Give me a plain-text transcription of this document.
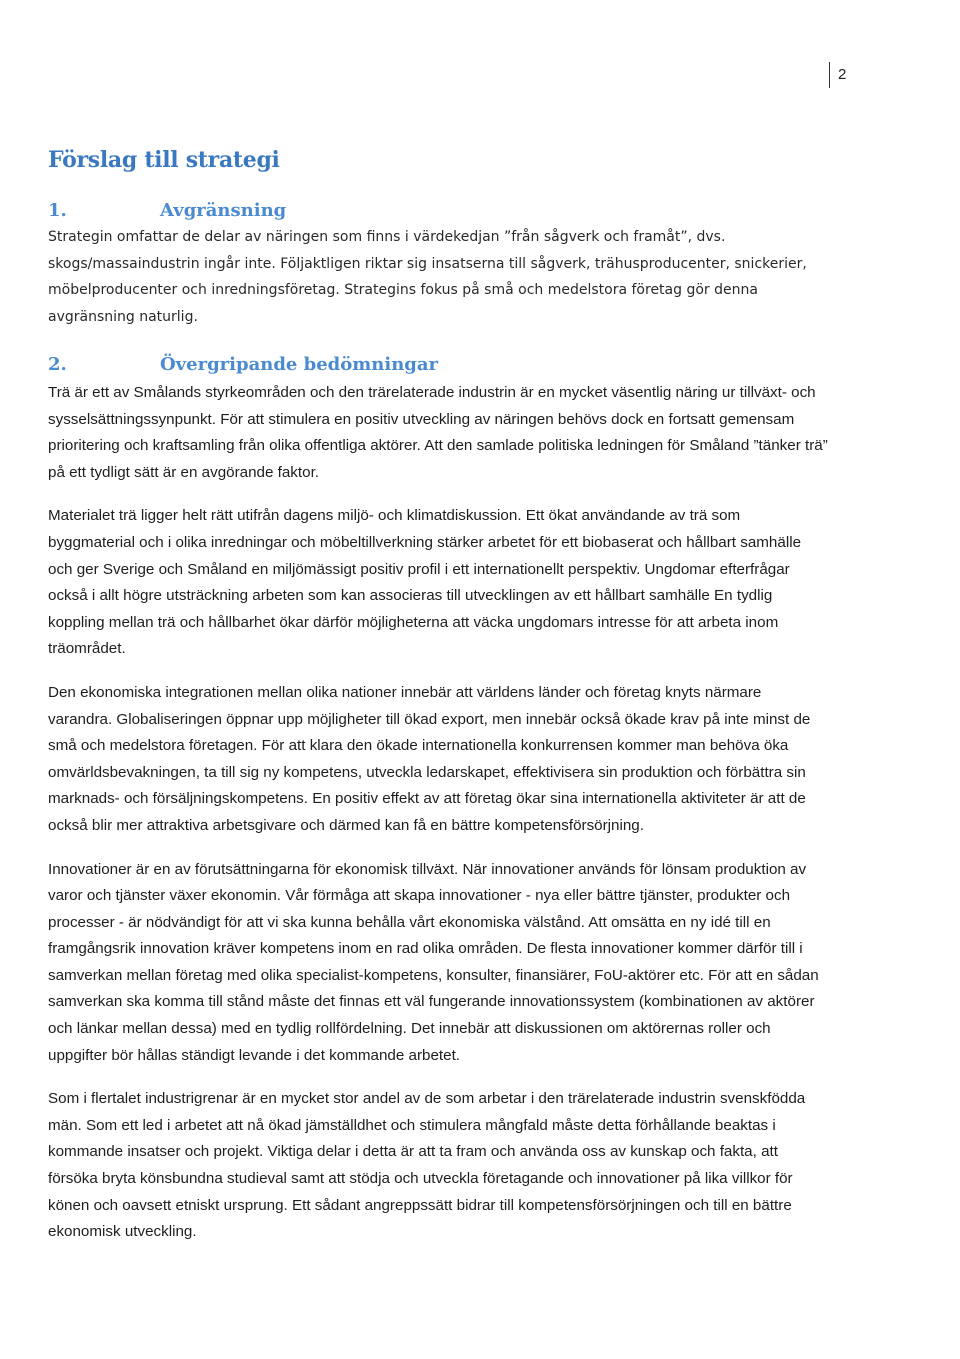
2
Förslag till strategi
1.	Avgränsning

Strategin omfattar de delar av näringen som finns i värdekedjan ”från sågverk och framåt”, dvs. skogs/massaindustrin ingår inte. Följaktligen riktar sig insatserna till sågverk, trähusproducenter, snickerier, möbelproducenter och inredningsföretag. Strategins fokus på små och medelstora företag gör denna avgränsning naturlig.

2.	Övergripande bedömningar

Trä är ett av Smålands styrkeområden och den trärelaterade industrin är en mycket väsentlig näring ur tillväxt- och sysselsättningssynpunkt. För att stimulera en positiv utveckling av näringen behövs dock en fortsatt gemensam prioritering och kraftsamling från olika offentliga aktörer. Att den samlade politiska ledningen för Småland ”tänker trä” på ett tydligt sätt är en avgörande faktor.

Materialet trä ligger helt rätt utifrån dagens miljö- och klimatdiskussion. Ett ökat användande av trä som byggmaterial och i olika inredningar och möbeltillverkning stärker arbetet för ett biobaserat och hållbart samhälle och ger Sverige och Småland en miljömässigt positiv profil i ett internationellt perspektiv. Ungdomar efterfrågar också i allt högre utsträckning arbeten som kan associeras till utvecklingen av ett hållbart samhälle En tydlig koppling mellan trä och hållbarhet ökar därför möjligheterna att väcka ungdomars intresse för att arbeta inom träområdet.

Den ekonomiska integrationen mellan olika nationer innebär att världens länder och företag knyts närmare varandra. Globaliseringen öppnar upp möjligheter till ökad export, men innebär också ökade krav på inte minst de små och medelstora företagen. För att klara den ökade internationella konkurrensen kommer man behöva öka omvärldsbevakningen, ta till sig ny kompetens, utveckla ledarskapet, effektivisera sin produktion och förbättra sin marknads- och försäljningskompetens. En positiv effekt av att företag ökar sina internationella aktiviteter är att de också blir mer attraktiva arbetsgivare och därmed kan få en bättre kompetensförsörjning.

Innovationer är en av förutsättningarna för ekonomisk tillväxt. När innovationer används för lönsam produktion av varor och tjänster växer ekonomin. Vår förmåga att skapa innovationer - nya eller bättre tjänster, produkter och processer - är nödvändigt för att vi ska kunna behålla vårt ekonomiska välstånd. Att omsätta en ny idé till en framgångsrik innovation kräver kompetens inom en rad olika områden. De flesta innovationer kommer därför till i samverkan mellan företag med olika specialist-kompetens, konsulter, finansiärer, FoU-aktörer etc. För att en sådan samverkan ska komma till stånd måste det finnas ett väl fungerande innovationssystem (kombinationen av aktörer och länkar mellan dessa) med en tydlig rollfördelning. Det innebär att diskussionen om aktörernas roller och uppgifter bör hållas ständigt levande i det kommande arbetet.

Som i flertalet industrigrenar är en mycket stor andel av de som arbetar i den trärelaterade industrin svenskfödda män. Som ett led i arbetet att nå ökad jämställdhet och stimulera mångfald måste detta förhållande beaktas i kommande insatser och projekt. Viktiga delar i detta är att ta fram och använda oss av kunskap och fakta, att försöka bryta könsbundna studieval samt att stödja och utveckla företagande och innovationer på lika villkor för könen och oavsett etniskt ursprung. Ett sådant angreppssätt bidrar till kompetensförsörjningen och till en bättre ekonomisk utveckling.
